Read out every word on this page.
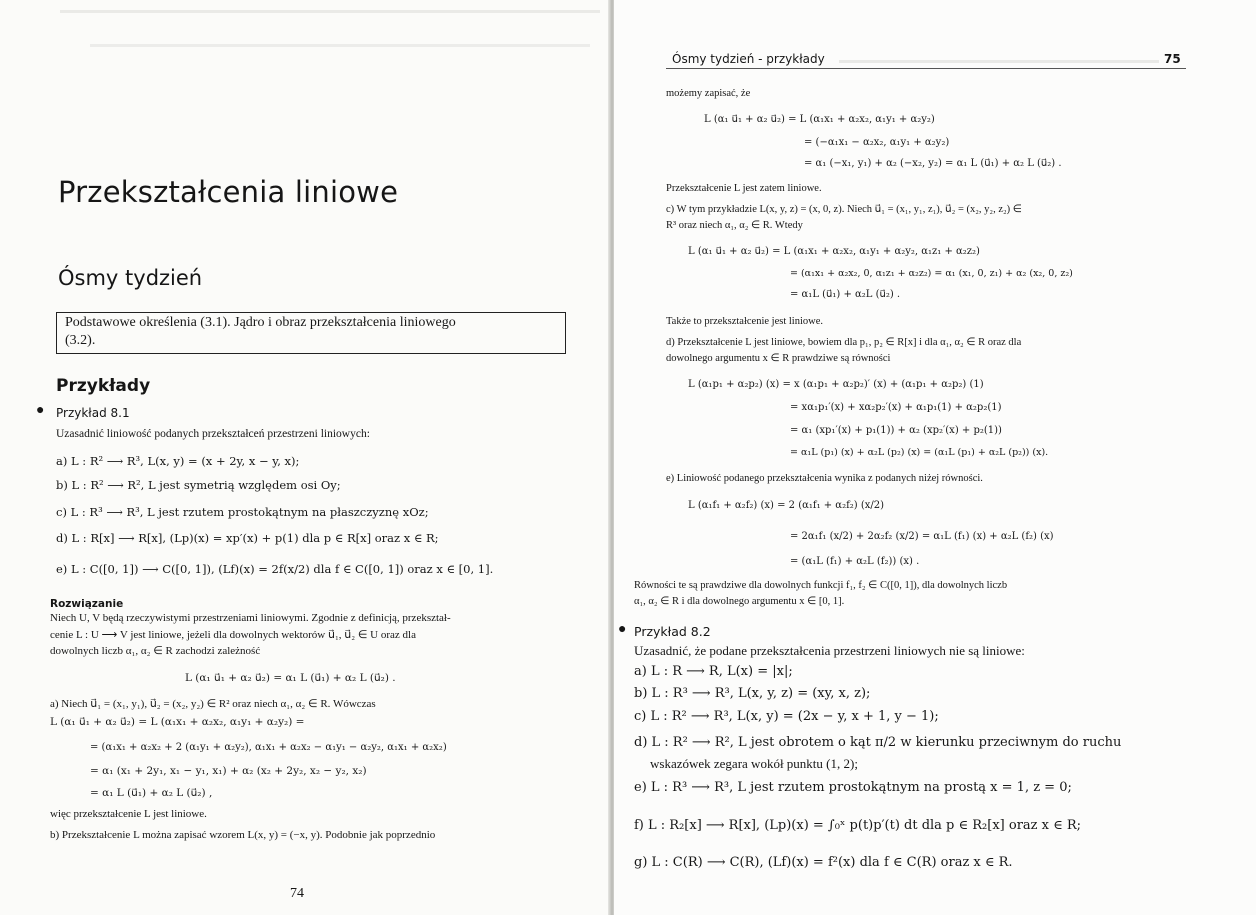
Przekształcenia liniowe
Ósmy tydzień
Podstawowe określenia (3.1). Jądro i obraz przekształcenia liniowego
(3.2).
Przykłady
● Przykład 8.1
Uzasadnić liniowość podanych przekształceń przestrzeni liniowych:
a) L : R² ⟶ R³, L(x, y) = (x + 2y, x − y, x);
b) L : R² ⟶ R², L jest symetrią względem osi Oy;
c) L : R³ ⟶ R³, L jest rzutem prostokątnym na płaszczyznę xOz;
d) L : R[x] ⟶ R[x], (Lp)(x) = xp′(x) + p(1) dla p ∈ R[x] oraz x ∈ R;
e) L : C([0, 1]) ⟶ C([0, 1]), (Lf)(x) = 2f(x/2) dla f ∈ C([0, 1]) oraz x ∈ [0, 1].
Rozwiązanie
Niech U, V będą rzeczywistymi przestrzeniami liniowymi. Zgodnie z definicją, przekształ-
cenie L : U ⟶ V jest liniowe, jeżeli dla dowolnych wektorów u⃗₁, u⃗₂ ∈ U oraz dla
dowolnych liczb α₁, α₂ ∈ R zachodzi zależność
L (α₁ u⃗₁ + α₂ u⃗₂) = α₁ L (u⃗₁) + α₂ L (u⃗₂) .
a) Niech u⃗₁ = (x₁, y₁), u⃗₂ = (x₂, y₂) ∈ R² oraz niech α₁, α₂ ∈ R. Wówczas
L (α₁ u⃗₁ + α₂ u⃗₂) = L (α₁x₁ + α₂x₂, α₁y₁ + α₂y₂) =
= (α₁x₁ + α₂x₂ + 2 (α₁y₁ + α₂y₂), α₁x₁ + α₂x₂ − α₁y₁ − α₂y₂, α₁x₁ + α₂x₂)
= α₁ (x₁ + 2y₁, x₁ − y₁, x₁) + α₂ (x₂ + 2y₂, x₂ − y₂, x₂)
= α₁ L (u⃗₁) + α₂ L (u⃗₂) ,
więc przekształcenie L jest liniowe.
b) Przekształcenie L można zapisać wzorem L(x, y) = (−x, y). Podobnie jak poprzednio
74
Ósmy tydzień - przykłady	75
możemy zapisać, że
L (α₁ u⃗₁ + α₂ u⃗₂) = L (α₁x₁ + α₂x₂, α₁y₁ + α₂y₂)
= (−α₁x₁ − α₂x₂, α₁y₁ + α₂y₂)
= α₁ (−x₁, y₁) + α₂ (−x₂, y₂) = α₁ L (u⃗₁) + α₂ L (u⃗₂) .
Przekształcenie L jest zatem liniowe.
c) W tym przykładzie L(x, y, z) = (x, 0, z). Niech u⃗₁ = (x₁, y₁, z₁), u⃗₂ = (x₂, y₂, z₂) ∈
R³ oraz niech α₁, α₂ ∈ R. Wtedy
L (α₁ u⃗₁ + α₂ u⃗₂) = L (α₁x₁ + α₂x₂, α₁y₁ + α₂y₂, α₁z₁ + α₂z₂)
= (α₁x₁ + α₂x₂, 0, α₁z₁ + α₂z₂) = α₁ (x₁, 0, z₁) + α₂ (x₂, 0, z₂)
= α₁L (u⃗₁) + α₂L (u⃗₂) .
Także to przekształcenie jest liniowe.
d) Przekształcenie L jest liniowe, bowiem dla p₁, p₂ ∈ R[x] i dla α₁, α₂ ∈ R oraz dla
dowolnego argumentu x ∈ R prawdziwe są równości
L (α₁p₁ + α₂p₂) (x) = x (α₁p₁ + α₂p₂)′ (x) + (α₁p₁ + α₂p₂) (1)
= xα₁p₁′(x) + xα₂p₂′(x) + α₁p₁(1) + α₂p₂(1)
= α₁ (xp₁′(x) + p₁(1)) + α₂ (xp₂′(x) + p₂(1))
= α₁L (p₁) (x) + α₂L (p₂) (x) = (α₁L (p₁) + α₂L (p₂)) (x).
e) Liniowość podanego przekształcenia wynika z podanych niżej równości.
L (α₁f₁ + α₂f₂) (x) = 2 (α₁f₁ + α₂f₂) (x/2)
= 2α₁f₁ (x/2) + 2α₂f₂ (x/2) = α₁L (f₁) (x) + α₂L (f₂) (x)
= (α₁L (f₁) + α₂L (f₂)) (x) .
Równości te są prawdziwe dla dowolnych funkcji f₁, f₂ ∈ C([0, 1]), dla dowolnych liczb
α₁, α₂ ∈ R i dla dowolnego argumentu x ∈ [0, 1].
● Przykład 8.2
Uzasadnić, że podane przekształcenia przestrzeni liniowych nie są liniowe:
a) L : R ⟶ R, L(x) = |x|;
b) L : R³ ⟶ R³, L(x, y, z) = (xy, x, z);
c) L : R² ⟶ R³, L(x, y) = (2x − y, x + 1, y − 1);
d) L : R² ⟶ R², L jest obrotem o kąt π/2 w kierunku przeciwnym do ruchu
wskazówek zegara wokół punktu (1, 2);
e) L : R³ ⟶ R³, L jest rzutem prostokątnym na prostą x = 1, z = 0;
f) L : R₂[x] ⟶ R[x], (Lp)(x) = ∫₀ˣ p(t)p′(t) dt dla p ∈ R₂[x] oraz x ∈ R;
g) L : C(R) ⟶ C(R), (Lf)(x) = f²(x) dla f ∈ C(R) oraz x ∈ R.
